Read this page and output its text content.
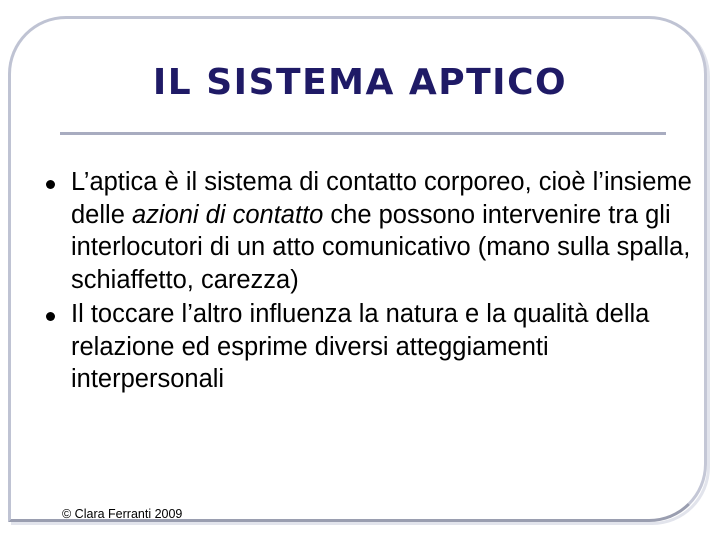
IL SISTEMA APTICO
L’aptica è il sistema di contatto corporeo, cioè l’insieme delle azioni di contatto che possono intervenire tra gli interlocutori di un atto comunicativo (mano sulla spalla, schiaffetto, carezza)
Il toccare l’altro influenza la natura e la qualità della relazione ed esprime diversi atteggiamenti interpersonali
© Clara Ferranti 2009
